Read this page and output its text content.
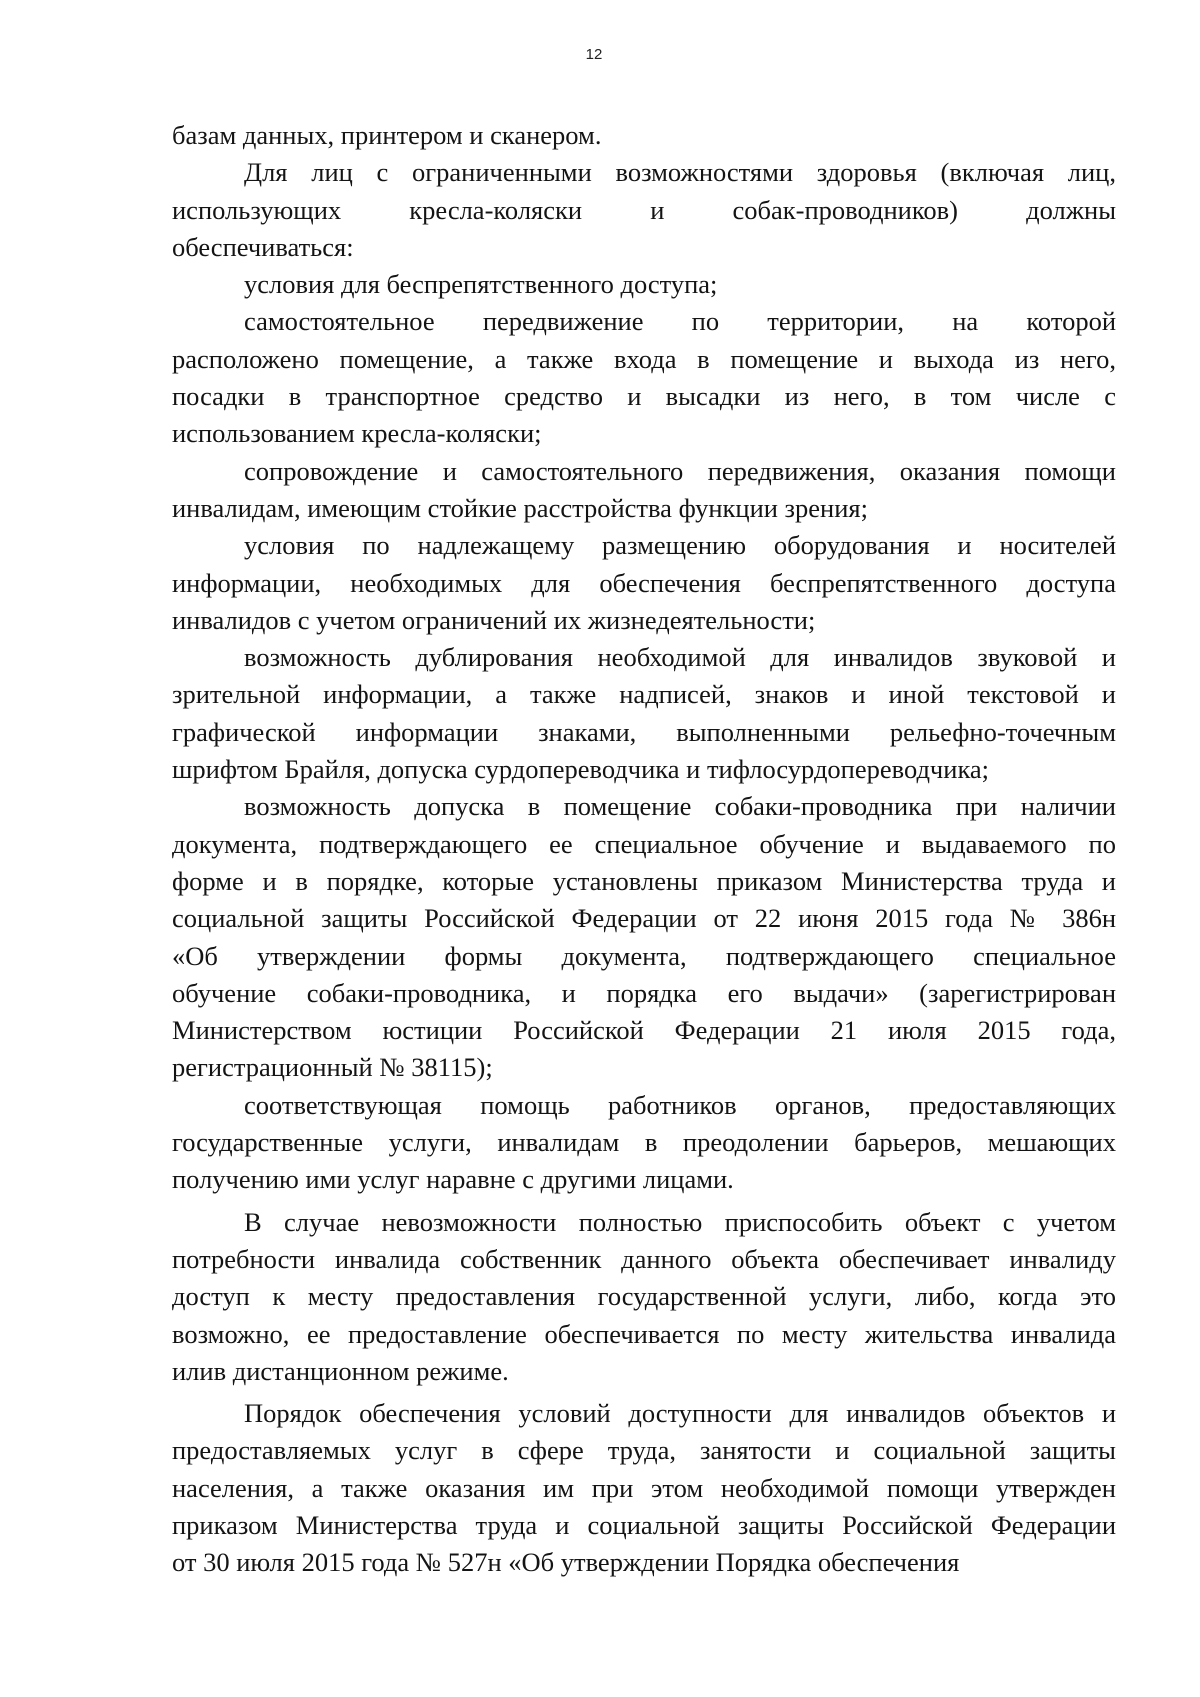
12
базам данных, принтером и сканером.
Для лиц с ограниченными возможностями здоровья (включая лиц,
использующих кресла-коляски и собак-проводников) должны
обеспечиваться:
условия для беспрепятственного доступа;
самостоятельное передвижение по территории, на которой
расположено помещение, а также входа в помещение и выхода из него,
посадки в транспортное средство и высадки из него, в том числе с
использованием кресла-коляски;
сопровождение и самостоятельного передвижения, оказания помощи
инвалидам, имеющим стойкие расстройства функции зрения;
условия по надлежащему размещению оборудования и носителей
информации, необходимых для обеспечения беспрепятственного доступа
инвалидов с учетом ограничений их жизнедеятельности;
возможность дублирования необходимой для инвалидов звуковой и
зрительной информации, а также надписей, знаков и иной текстовой и
графической информации знаками, выполненными рельефно-точечным
шрифтом Брайля, допуска сурдопереводчика и тифлосурдопереводчика;
возможность допуска в помещение собаки-проводника при наличии
документа, подтверждающего ее специальное обучение и выдаваемого по
форме и в порядке, которые установлены приказом Министерства труда и
социальной защиты Российской Федерации от 22 июня 2015 года № 386н
«Об утверждении формы документа, подтверждающего специальное
обучение собаки-проводника, и порядка его выдачи» (зарегистрирован
Министерством юстиции Российской Федерации 21 июля 2015 года,
регистрационный № 38115);
соответствующая помощь работников органов, предоставляющих
государственные услуги, инвалидам в преодолении барьеров, мешающих
получению ими услуг наравне с другими лицами.
В случае невозможности полностью приспособить объект с учетом
потребности инвалида собственник данного объекта обеспечивает инвалиду
доступ к месту предоставления государственной услуги, либо, когда это
возможно, ее предоставление обеспечивается по месту жительства инвалида
илив дистанционном режиме.
Порядок обеспечения условий доступности для инвалидов объектов и
предоставляемых услуг в сфере труда, занятости и социальной защиты
населения, а также оказания им при этом необходимой помощи утвержден
приказом Министерства труда и социальной защиты Российской Федерации
от 30 июля 2015 года № 527н «Об утверждении Порядка обеспечения
